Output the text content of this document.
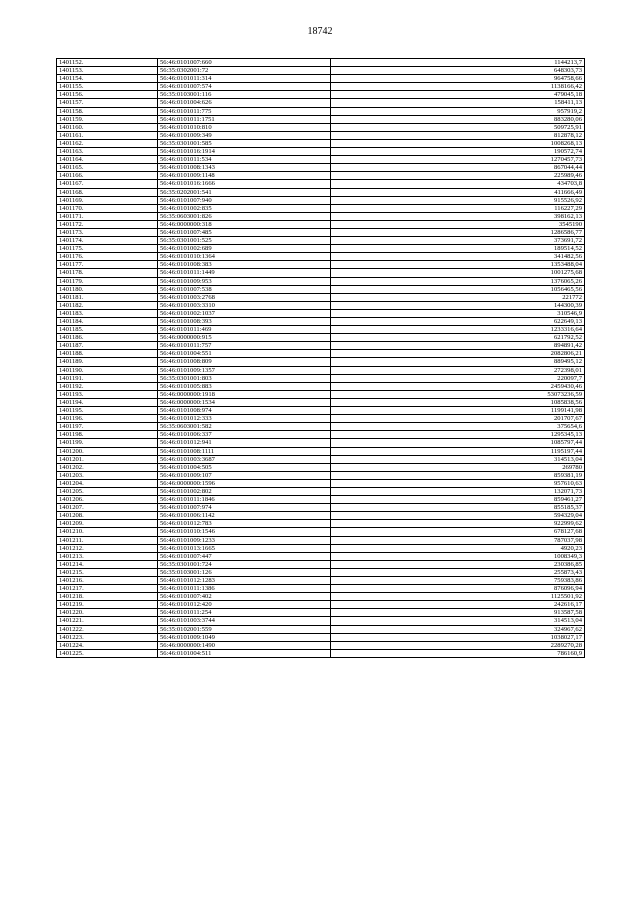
18742
1401152.	56:46:0101007:660	1144213,7
1401153.	56:35:0302001:72	648303,73
1401154.	56:46:0101011:314	964758,66
1401155.	56:46:0101007:574	1138166,42
1401156.	56:35:0103001:116	479045,18
1401157.	56:46:0101004:626	158411,13
1401158.	56:46:0101011:775	957919,2
1401159.	56:46:0101011:1751	883280,06
1401160.	56:46:0101010:810	509725,91
1401161.	56:46:0101009:349	812878,12
1401162.	56:35:0301001:585	1008268,13
1401163.	56:46:0101016:1914	190572,74
1401164.	56:46:0101011:534	1270457,73
1401165.	56:46:0101008:1343	867044,44
1401166.	56:46:0101009:1148	225989,46
1401167.	56:46:0101016:1666	434703,8
1401168.	56:35:0202001:541	411666,49
1401169.	56:46:0101007:940	915526,92
1401170.	56:46:0101002:835	116227,29
1401171.	56:35:0603001:826	398162,13
1401172.	56:46:0000000:318	3545190
1401173.	56:46:0101007:485	1286586,77
1401174.	56:35:0301001:525	373691,72
1401175.	56:46:0101002:689	189514,52
1401176.	56:46:0101010:1364	341482,56
1401177.	56:46:0101008:383	1353488,04
1401178.	56:46:0101011:1449	1001275,68
1401179.	56:46:0101009:953	1376065,26
1401180.	56:46:0101007:538	1056465,56
1401181.	56:46:0101003:2768	221772
1401182.	56:46:0101003:3310	144300,39
1401183.	56:46:0101002:1037	310546,9
1401184.	56:46:0101008:393	622649,13
1401185.	56:46:0101011:469	1233316,64
1401186.	56:46:0000000:915	621792,52
1401187.	56:46:0101011:757	894891,42
1401188.	56:46:0101004:551	2082806,21
1401189.	56:46:0101008:809	889495,12
1401190.	56:46:0101009:1357	272398,01
1401191.	56:35:0301001:803	220097,7
1401192.	56:46:0101005:883	2459430,46
1401193.	56:46:0000000:1918	53073236,59
1401194.	56:46:0000000:1534	1085838,56
1401195.	56:46:0101008:974	1199141,98
1401196.	56:46:0101012:333	201707,67
1401197.	56:35:0603001:582	375654,6
1401198.	56:46:0101006:337	1295345,13
1401199.	56:46:0101012:941	1085797,44
1401200.	56:46:0101008:1111	1195197,44
1401201.	56:46:0101003:3687	314513,04
1401202.	56:46:0101004:505	269780
1401203.	56:46:0101009:107	859381,19
1401204.	56:46:0000000:1596	957610,63
1401205.	56:46:0101002:802	132071,73
1401206.	56:46:0101011:1846	859461,27
1401207.	56:46:0101007:974	855185,37
1401208.	56:46:0101006:1142	594329,04
1401209.	56:46:0101012:783	922999,62
1401210.	56:46:0101010:1546	678127,68
1401211.	56:46:0101009:1233	787037,98
1401212.	56:46:0101013:1665	4920,23
1401213.	56:46:0101007:447	1008349,3
1401214.	56:35:0301001:724	230386,85
1401215.	56:35:0103001:126	255873,43
1401216.	56:46:0101012:1283	759383,86
1401217.	56:46:0101011:1386	876096,94
1401218.	56:46:0101007:402	1125501,92
1401219.	56:46:0101012:420	242616,17
1401220.	56:46:0101011:254	913587,58
1401221.	56:46:0101003:3744	314513,04
1401222.	56:35:0102001:559	324967,62
1401223.	56:46:0101009:1049	1038027,17
1401224.	56:46:0000000:1490	2289270,28
1401225.	56:46:0101004:511	786160,9
